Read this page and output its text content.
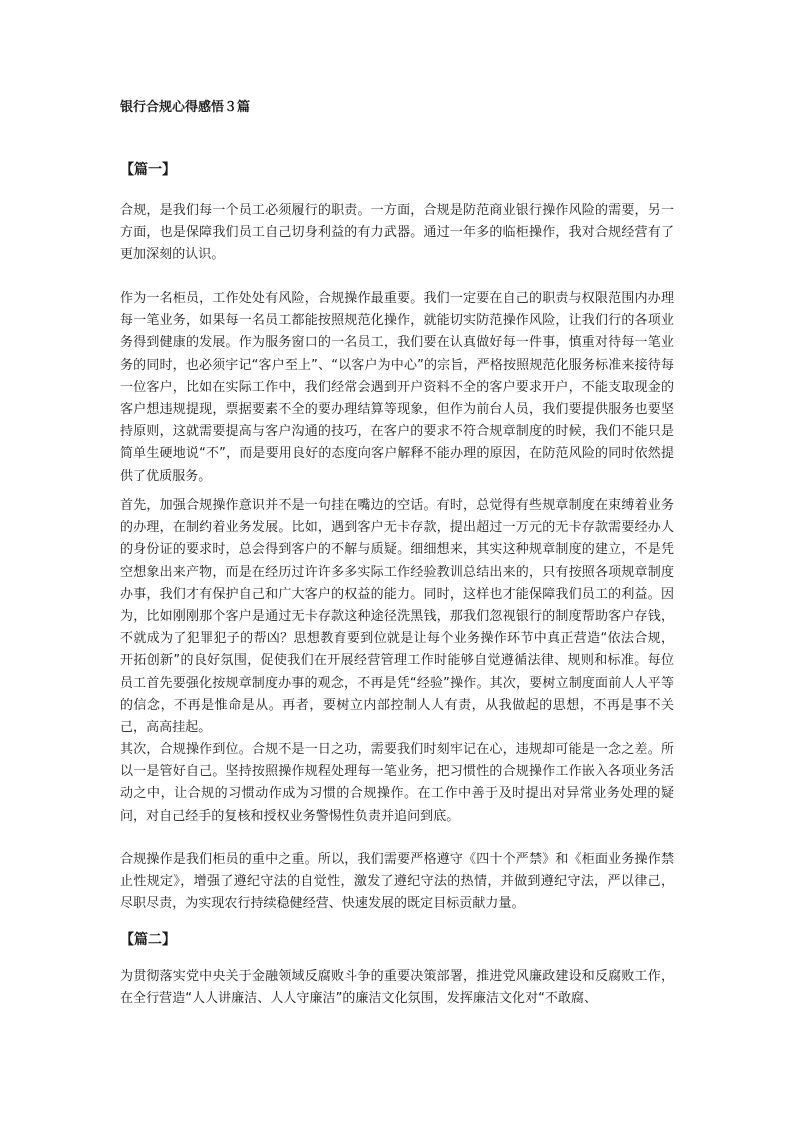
银行合规心得感悟３篇
【篇一】

合规，是我们每一个员工必须履行的职责。一方面，合规是防范商业银行操作风险的需要，另一方面，也是保障我们员工自己切身利益的有力武器。通过一年多的临柜操作，我对合规经营有了更加深刻的认识。

作为一名柜员，工作处处有风险，合规操作最重要。我们一定要在自己的职责与权限范围内办理每一笔业务，如果每一名员工都能按照规范化操作，就能切实防范操作风险，让我们行的各项业务得到健康的发展。作为服务窗口的一名员工，我们要在认真做好每一件事，慎重对待每一笔业务的同时，也必须宇记“客户至上”、“以客户为中心”的宗旨，严格按照规范化服务标准来接待每一位客户，比如在实际工作中，我们经常会遇到开户资料不全的客户要求开户，不能支取现金的客户想违规提现，票据要素不全的要办理结算等现象，但作为前台人员，我们要提供服务也要坚持原则，这就需要提高与客户沟通的技巧，在客户的要求不符合规章制度的时候，我们不能只是简单生硬地说“不”，而是要用良好的态度向客户解释不能办理的原因，在防范风险的同时依然提供了优质服务。

首先，加强合规操作意识并不是一句挂在嘴边的空话。有时，总觉得有些规章制度在束缚着业务的办理，在制约着业务发展。比如，遇到客户无卡存款，提出超过一万元的无卡存款需要经办人的身份证的要求时，总会得到客户的不解与质疑。细细想来，其实这种规章制度的建立，不是凭空想象出来产物，而是在经历过许许多多实际工作经验教训总结出来的，只有按照各项规章制度办事，我们才有保护自己和广大客户的权益的能力。同时，这样也才能保障我们员工的利益。因为，比如刚刚那个客户是通过无卡存款这种途径洗黑钱，那我们忽视银行的制度帮助客户存钱，不就成为了犯罪犯子的帮凶？思想教育要到位就是让每个业务操作环节中真正营造“依法合规，开拓创新”的良好氛围，促使我们在开展经营管理工作时能够自觉遵循法律、规则和标准。每位员工首先要强化按规章制度办事的观念，不再是凭“经验”操作。其次，要树立制度面前人人平等的信念，不再是惟命是从。再者，要树立内部控制人人有责，从我做起的思想，不再是事不关己，高高挂起。

其次，合规操作到位。合规不是一日之功，需要我们时刻牢记在心，违规却可能是一念之差。所以一是管好自己。坚持按照操作规程处理每一笔业务，把习惯性的合规操作工作嵌入各项业务活动之中，让合规的习惯动作成为习惯的合规操作。在工作中善于及时提出对异常业务处理的疑问，对自己经手的复核和授权业务警惕性负责并追问到底。

合规操作是我们柜员的重中之重。所以，我们需要严格遵守《四十个严禁》和《柜面业务操作禁止性规定》，增强了遵纪守法的自觉性，激发了遵纪守法的热情，并做到遵纪守法，严以律己，尽职尽责，为实现农行持续稳健经营、快速发展的既定目标贡献力量。

【篇二】

为贯彻落实党中央关于金融领域反腐败斗争的重要决策部署，推进党风廉政建设和反腐败工作，在全行营造“人人讲廉洁、人人守廉洁”的廉洁文化氛围，发挥廉洁文化对“不敢腐、
